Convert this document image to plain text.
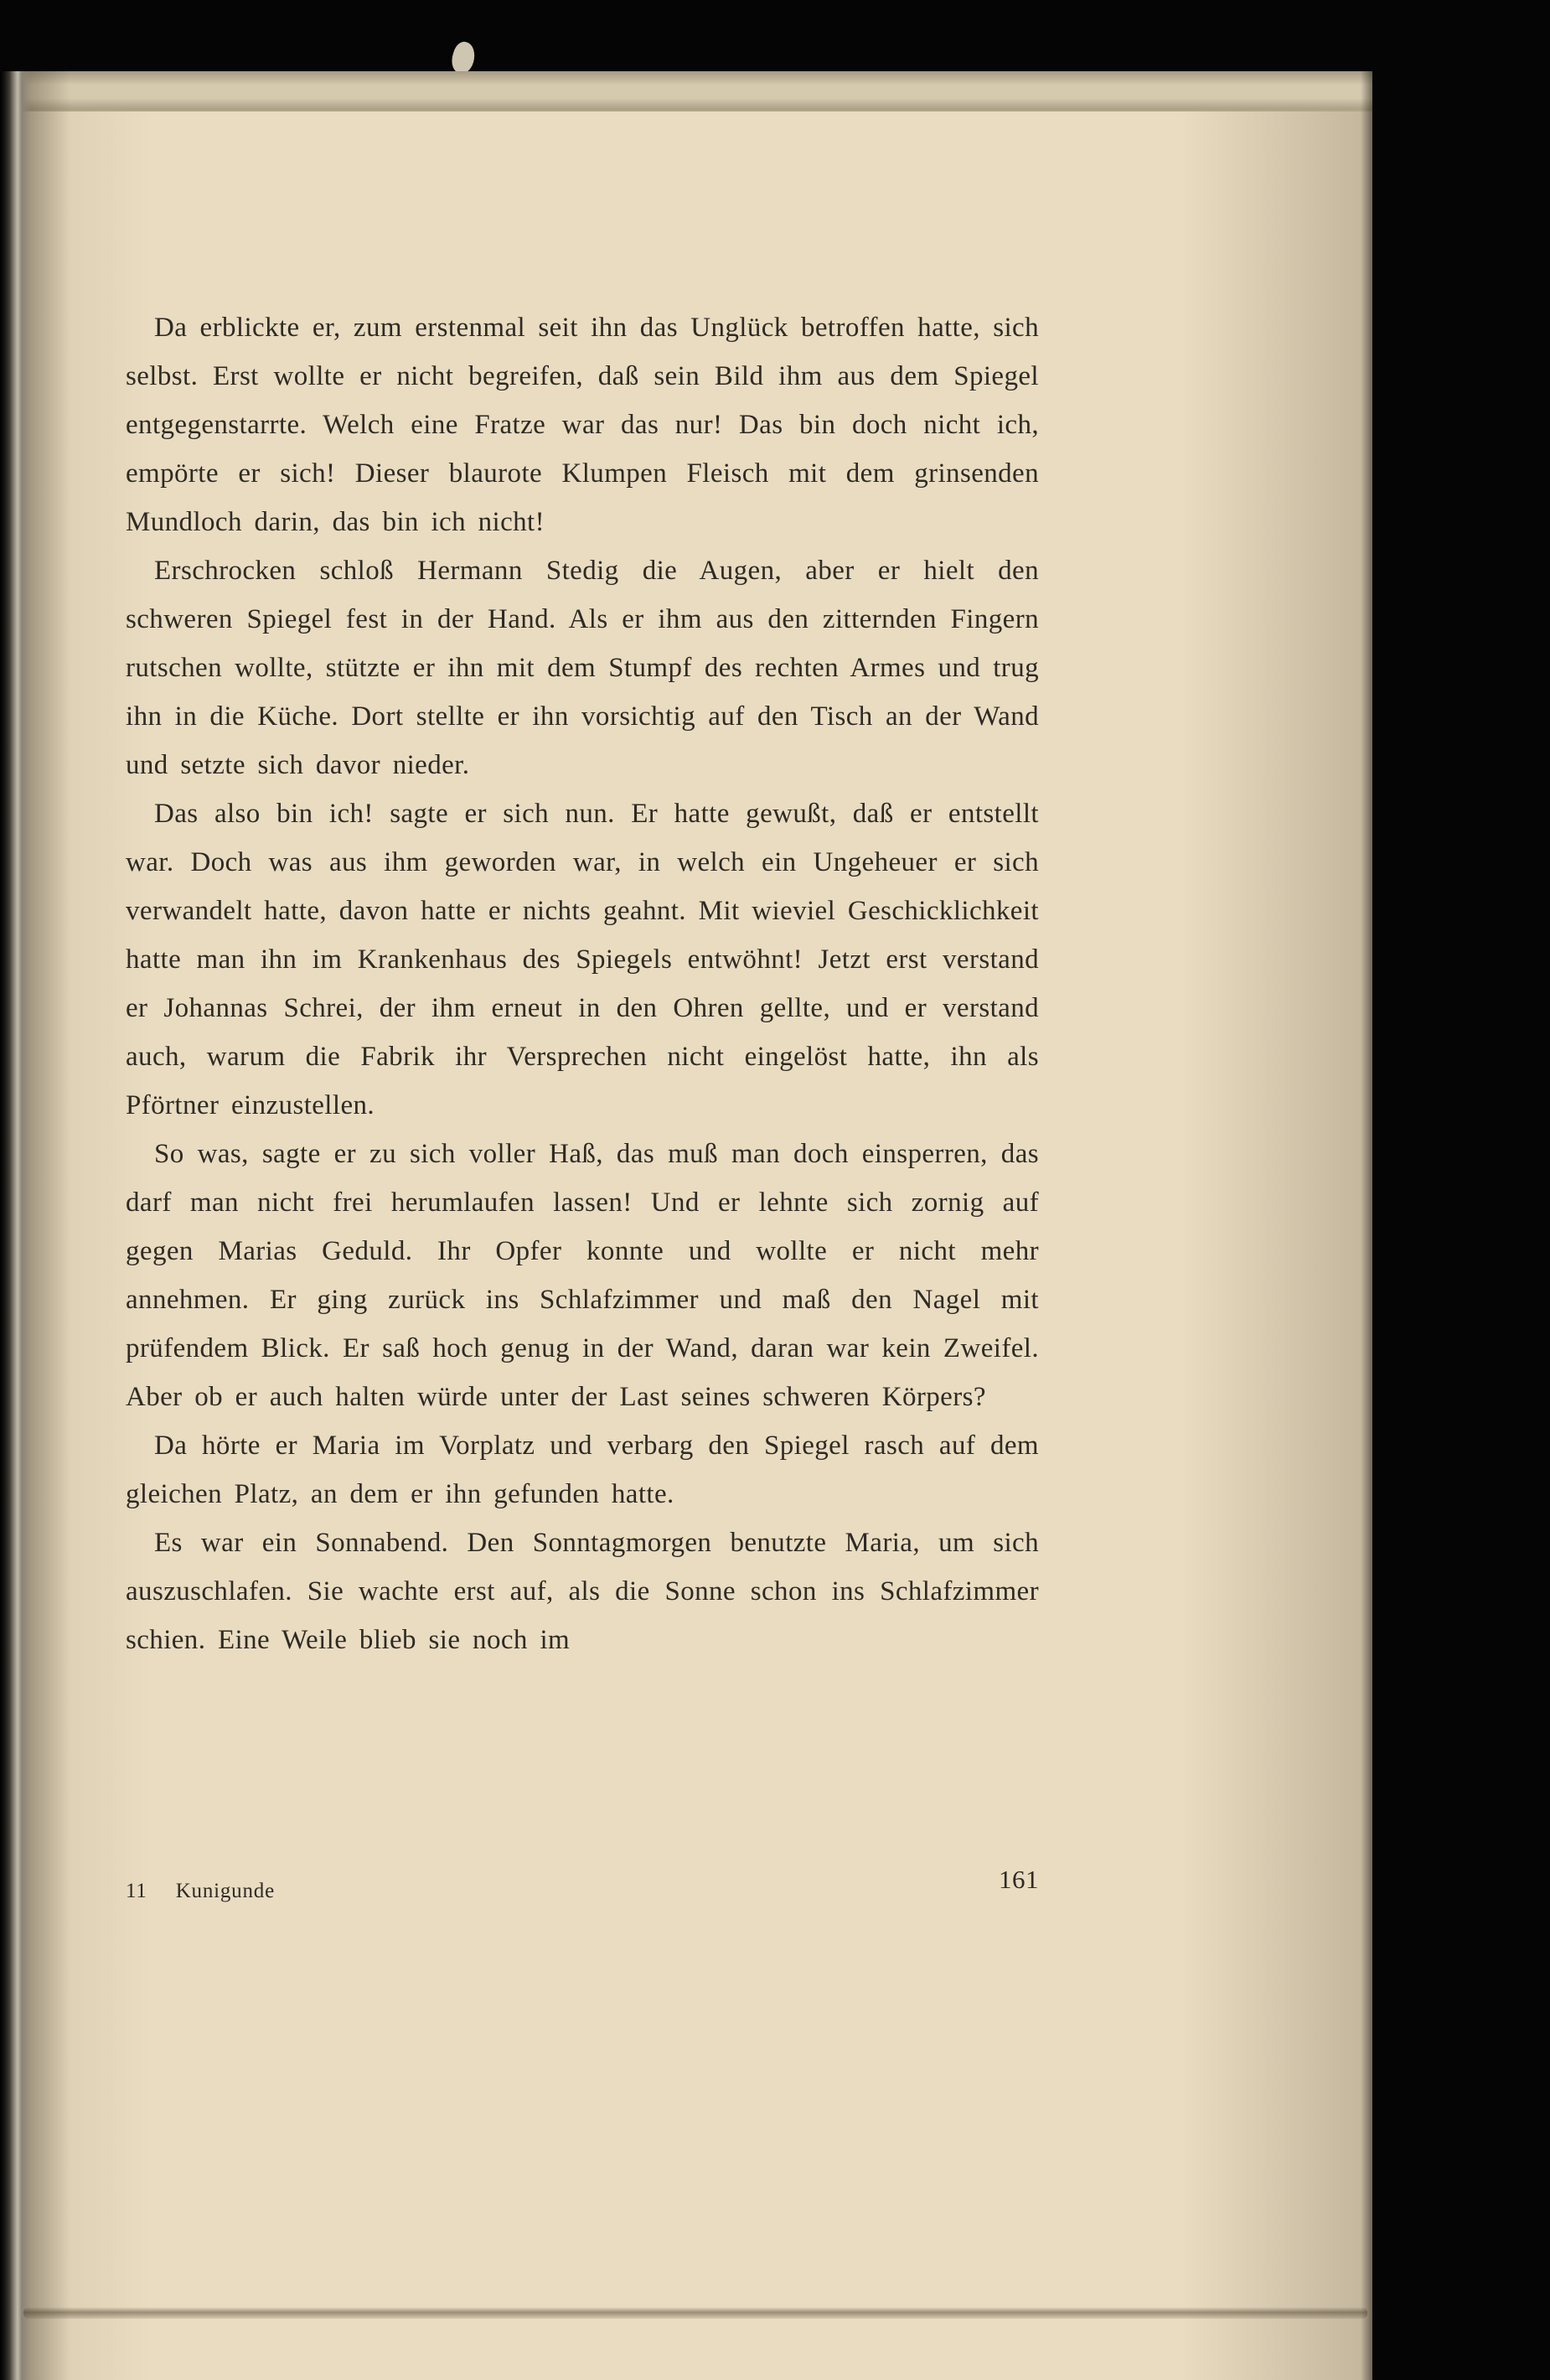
Da erblickte er, zum erstenmal seit ihn das Unglück betroffen hatte, sich selbst. Erst wollte er nicht begreifen, daß sein Bild ihm aus dem Spiegel entgegenstarrte. Welch eine Fratze war das nur! Das bin doch nicht ich, empörte er sich! Dieser blaurote Klumpen Fleisch mit dem grinsenden Mundloch darin, das bin ich nicht!

Erschrocken schloß Hermann Stedig die Augen, aber er hielt den schweren Spiegel fest in der Hand. Als er ihm aus den zitternden Fingern rutschen wollte, stützte er ihn mit dem Stumpf des rechten Armes und trug ihn in die Küche. Dort stellte er ihn vorsichtig auf den Tisch an der Wand und setzte sich davor nieder.

Das also bin ich! sagte er sich nun. Er hatte gewußt, daß er entstellt war. Doch was aus ihm geworden war, in welch ein Ungeheuer er sich verwandelt hatte, davon hatte er nichts geahnt. Mit wieviel Geschicklichkeit hatte man ihn im Krankenhaus des Spiegels entwöhnt! Jetzt erst verstand er Johannas Schrei, der ihm erneut in den Ohren gellte, und er verstand auch, warum die Fabrik ihr Versprechen nicht eingelöst hatte, ihn als Pförtner einzustellen.

So was, sagte er zu sich voller Haß, das muß man doch einsperren, das darf man nicht frei herumlaufen lassen! Und er lehnte sich zornig auf gegen Marias Geduld. Ihr Opfer konnte und wollte er nicht mehr annehmen. Er ging zurück ins Schlafzimmer und maß den Nagel mit prüfendem Blick. Er saß hoch genug in der Wand, daran war kein Zweifel. Aber ob er auch halten würde unter der Last seines schweren Körpers?

Da hörte er Maria im Vorplatz und verbarg den Spiegel rasch auf dem gleichen Platz, an dem er ihn gefunden hatte.

Es war ein Sonnabend. Den Sonntagmorgen benutzte Maria, um sich auszuschlafen. Sie wachte erst auf, als die Sonne schon ins Schlafzimmer schien. Eine Weile blieb sie noch im

161
11 Kunigunde
